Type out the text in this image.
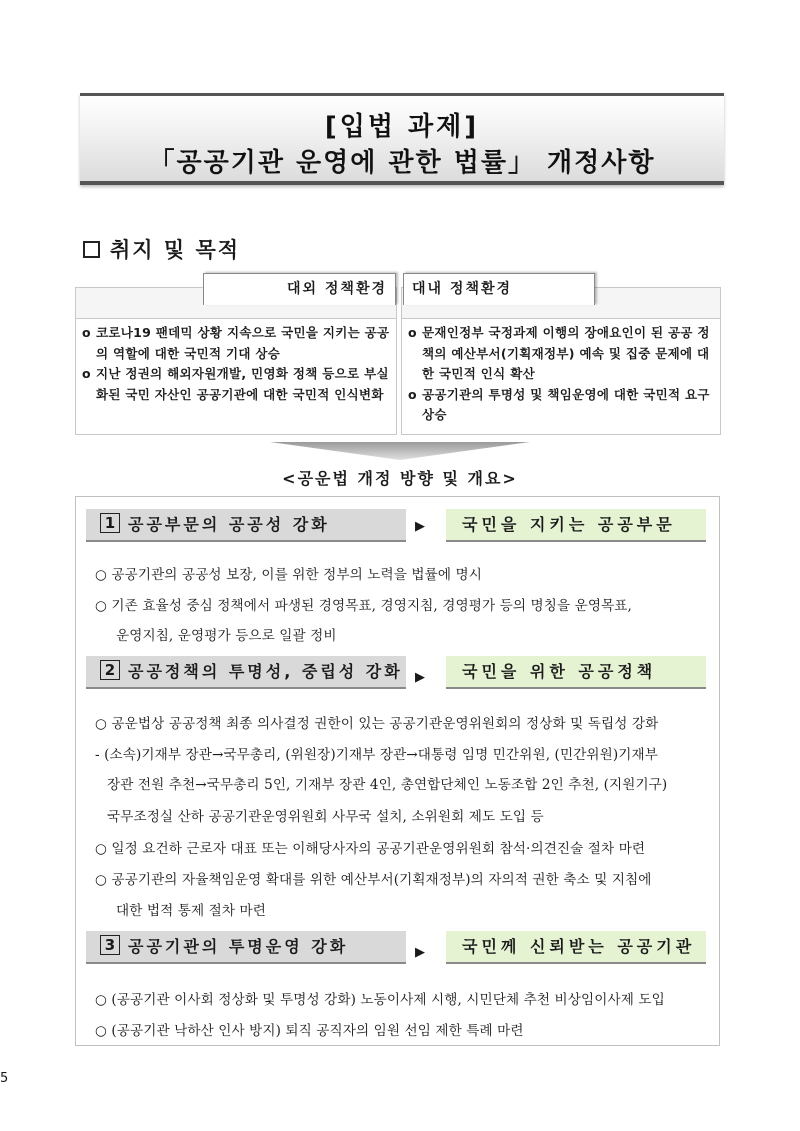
[입법 과제]
「공공기관 운영에 관한 법률」 개정사항
취지 및 목적
o 코로나19 팬데믹 상황 지속으로 국민을 지키는 공공의 역할에 대한 국민적 기대 상승
o 지난 정권의 해외자원개발, 민영화 정책 등으로 부실화된 국민 자산인 공공기관에 대한 국민적 인식변화
o 문재인정부 국정과제 이행의 장애요인이 된 공공 정책의 예산부서(기획재정부) 예속 및 집중 문제에 대한 국민적 인식 확산
o 공공기관의 투명성 및 책임운영에 대한 국민적 요구 상승
대외 정책환경	대내 정책환경
<공운법 개정 방향 및 개요>
1 공공부문의 공공성 강화	▶	국민을 지키는 공공부문
○ 공공기관의 공공성 보장, 이를 위한 정부의 노력을 법률에 명시
○ 기존 효율성 중심 정책에서 파생된 경영목표, 경영지침, 경영평가 등의 명칭을 운영목표,
운영지침, 운영평가 등으로 일괄 정비
2 공공정책의 투명성, 중립성 강화 ▶	국민을 위한 공공정책
○ 공운법상 공공정책 최종 의사결정 권한이 있는 공공기관운영위원회의 정상화 및 독립성 강화
- (소속)기재부 장관→국무총리, (위원장)기재부 장관→대통령 임명 민간위원, (민간위원)기재부
장관 전원 추천→국무총리 5인, 기재부 장관 4인, 총연합단체인 노동조합 2인 추천, (지원기구)
국무조정실 산하 공공기관운영위원회 사무국 설치, 소위원회 제도 도입 등
○ 일정 요건하 근로자 대표 또는 이해당사자의 공공기관운영위원회 참석·의견진술 절차 마련
○ 공공기관의 자율책임운영 확대를 위한 예산부서(기획재정부)의 자의적 권한 축소 및 지침에
대한 법적 통제 절차 마련
3 공공기관의 투명운영 강화	▶	국민께 신뢰받는 공공기관
○ (공공기관 이사회 정상화 및 투명성 강화) 노동이사제 시행, 시민단체 추천 비상임이사제 도입
○ (공공기관 낙하산 인사 방지) 퇴직 공직자의 임원 선임 제한 특례 마련
5
